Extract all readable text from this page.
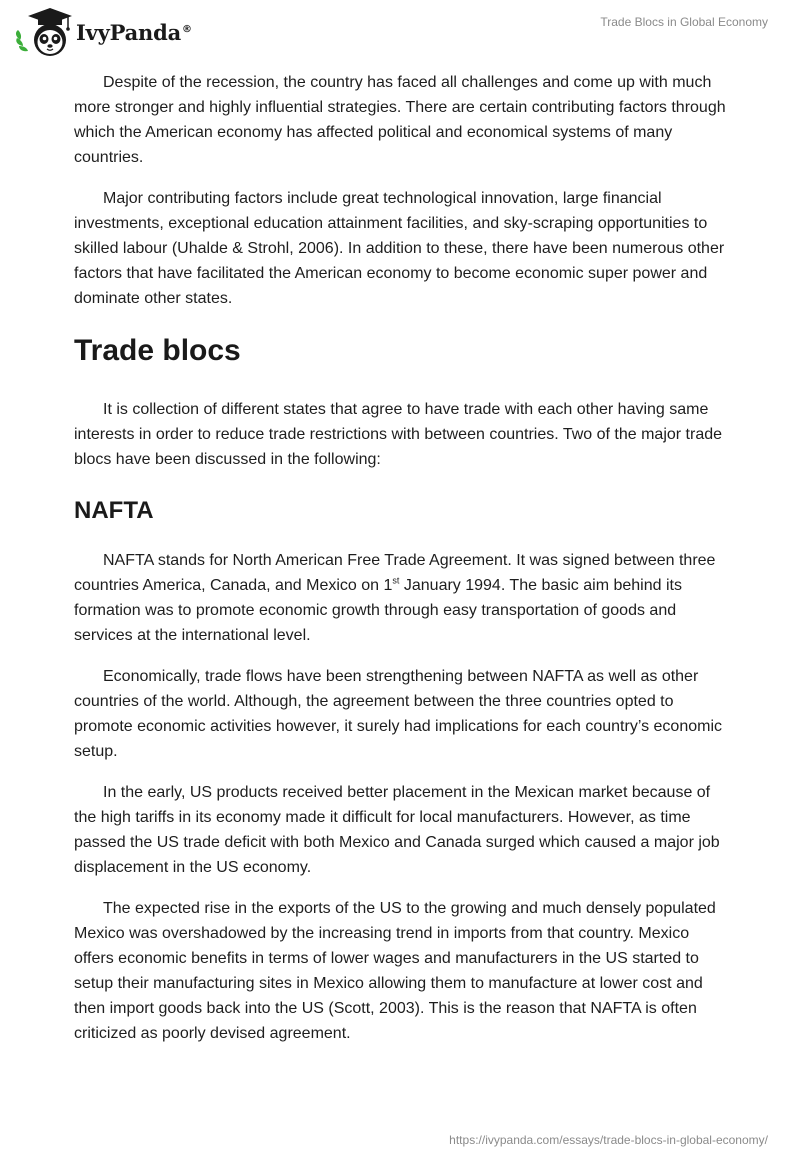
IvyPanda®	Trade Blocs in Global Economy

Despite of the recession, the country has faced all challenges and come up with much more stronger and highly influential strategies. There are certain contributing factors through which the American economy has affected political and economical systems of many countries.

Major contributing factors include great technological innovation, large financial investments, exceptional education attainment facilities, and sky-scraping opportunities to skilled labour (Uhalde & Strohl, 2006). In addition to these, there have been numerous other factors that have facilitated the American economy to become economic super power and dominate other states.

Trade blocs

It is collection of different states that agree to have trade with each other having same interests in order to reduce trade restrictions with between countries. Two of the major trade blocs have been discussed in the following:

NAFTA

NAFTA stands for North American Free Trade Agreement. It was signed between three countries America, Canada, and Mexico on 1st January 1994. The basic aim behind its formation was to promote economic growth through easy transportation of goods and services at the international level.

Economically, trade flows have been strengthening between NAFTA as well as other countries of the world. Although, the agreement between the three countries opted to promote economic activities however, it surely had implications for each country’s economic setup.

In the early, US products received better placement in the Mexican market because of the high tariffs in its economy made it difficult for local manufacturers. However, as time passed the US trade deficit with both Mexico and Canada surged which caused a major job displacement in the US economy.

The expected rise in the exports of the US to the growing and much densely populated Mexico was overshadowed by the increasing trend in imports from that country. Mexico offers economic benefits in terms of lower wages and manufacturers in the US started to setup their manufacturing sites in Mexico allowing them to manufacture at lower cost and then import goods back into the US (Scott, 2003). This is the reason that NAFTA is often criticized as poorly devised agreement.

https://ivypanda.com/essays/trade-blocs-in-global-economy/
